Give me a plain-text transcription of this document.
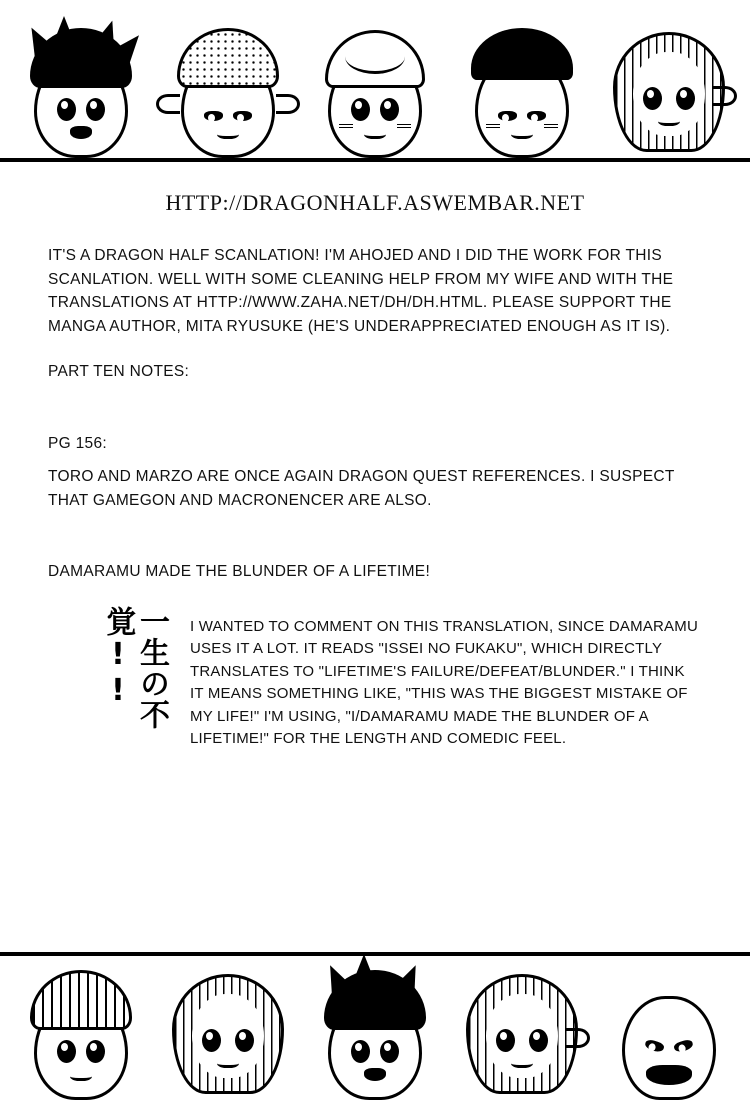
HTTP://DRAGONHALF.ASWEMBAR.NET

IT'S A DRAGON HALF SCANLATION! I'M AHOJED AND I DID THE WORK FOR THIS SCANLATION. WELL WITH SOME CLEANING HELP FROM MY WIFE AND WITH THE TRANSLATIONS AT HTTP://WWW.ZAHA.NET/DH/DH.HTML. PLEASE SUPPORT THE MANGA AUTHOR, MITA RYUSUKE (HE'S UNDERAPPRECIATED ENOUGH AS IT IS).

PART TEN NOTES:

PG 156:

TORO AND MARZO ARE ONCE AGAIN DRAGON QUEST REFERENCES. I SUSPECT THAT GAMEGON AND MACRONENCER ARE ALSO.

DAMARAMU MADE THE BLUNDER OF A LIFETIME!

一生の不覚!!	I WANTED TO COMMENT ON THIS TRANSLATION, SINCE DAMARAMU USES IT A LOT. IT READS "ISSEI NO FUKAKU", WHICH DIRECTLY TRANSLATES TO "LIFETIME'S FAILURE/DEFEAT/BLUNDER." I THINK IT MEANS SOMETHING LIKE, "THIS WAS THE BIGGEST MISTAKE OF MY LIFE!" I'M USING, "I/DAMARAMU MADE THE BLUNDER OF A LIFETIME!" FOR THE LENGTH AND COMEDIC FEEL.
